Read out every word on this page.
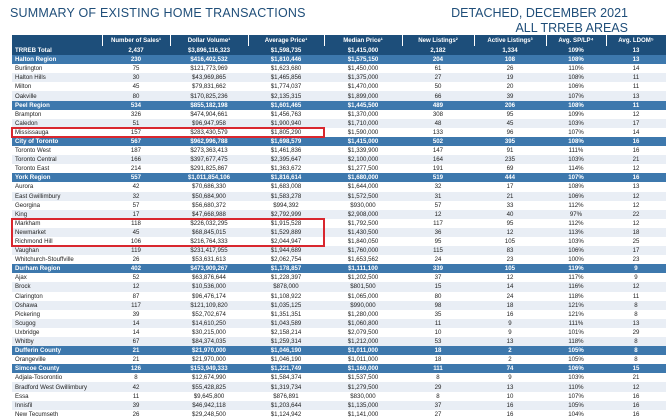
SUMMARY OF EXISTING HOME TRANSACTIONS	DETACHED, DECEMBER 2021
ALL TRREB AREAS
	Number of Sales¹	Dollar Volume¹	Average Price¹	Median Price¹	New Listings²	Active Listings³	Avg. SP/LP⁴	Avg. LDOM⁵
TRREB Total	2,437	$3,896,116,323	$1,598,735	$1,415,000	2,182	1,334	109%	13
Halton Region	230	$416,402,532	$1,810,446	$1,575,150	204	108	108%	13
Burlington	75	$121,773,969	$1,623,680	$1,450,000	61	26	110%	14
Halton Hills	30	$43,969,865	$1,465,856	$1,375,000	27	19	108%	11
Milton	45	$79,831,662	$1,774,037	$1,470,000	50	20	106%	11
Oakville	80	$170,825,236	$2,135,315	$1,899,000	66	39	107%	13
Peel Region	534	$855,182,198	$1,601,465	$1,445,500	489	206	108%	11
Brampton	326	$474,904,661	$1,456,763	$1,370,000	308	95	109%	12
Caledon	51	$96,947,958	$1,900,940	$1,710,000	48	45	103%	17
Mississauga	157	$283,430,579	$1,805,290	$1,590,000	133	96	107%	14
City of Toronto	567	$962,996,788	$1,698,579	$1,415,000	502	395	108%	16
Toronto West	187	$273,363,413	$1,461,836	$1,339,900	147	91	111%	16
Toronto Central	166	$397,677,475	$2,395,647	$2,100,000	164	235	103%	21
Toronto East	214	$291,825,867	$1,363,672	$1,277,500	191	69	114%	12
York Region	557	$1,011,854,106	$1,816,614	$1,680,000	519	444	107%	16
Aurora	42	$70,686,330	$1,683,008	$1,644,000	32	17	108%	13
East Gwillimbury	32	$50,684,900	$1,583,278	$1,572,500	31	21	106%	12
Georgina	57	$56,680,372	$994,392	$930,000	57	33	112%	12
King	17	$47,668,988	$2,792,999	$2,908,000	12	40	97%	22
Markham	118	$226,032,295	$1,915,528	$1,792,500	117	95	112%	12
Newmarket	45	$68,845,015	$1,529,889	$1,430,500	36	12	113%	18
Richmond Hill	106	$216,764,333	$2,044,947	$1,840,050	95	105	103%	25
Vaughan	119	$231,417,955	$1,944,689	$1,760,000	115	83	106%	17
Whitchurch-Stouffville	26	$53,631,613	$2,062,754	$1,653,562	24	23	100%	23
Durham Region	402	$473,909,267	$1,178,857	$1,111,100	339	105	119%	9
Ajax	52	$63,876,644	$1,228,397	$1,202,500	37	12	117%	9
Brock	12	$10,536,000	$878,000	$801,500	15	14	116%	12
Clarington	87	$96,476,174	$1,108,922	$1,065,000	80	24	118%	11
Oshawa	117	$121,109,820	$1,035,125	$990,000	98	18	121%	8
Pickering	39	$52,702,674	$1,351,351	$1,280,000	35	16	121%	8
Scugog	14	$14,610,250	$1,043,589	$1,060,800	11	9	111%	13
Uxbridge	14	$30,215,000	$2,158,214	$2,079,500	10	9	101%	29
Whitby	67	$84,374,035	$1,259,314	$1,212,000	53	13	118%	8
Dufferin County	21	$21,970,000	$1,046,190	$1,011,000	18	2	105%	8
Orangeville	21	$21,970,000	$1,046,190	$1,011,000	18	2	105%	8
Simcoe County	126	$153,949,333	$1,221,749	$1,160,000	111	74	106%	15
Adjala-Tosorontio	8	$12,674,990	$1,584,374	$1,537,500	8	9	103%	21
Bradford West Gwillimbury	42	$55,428,825	$1,319,734	$1,279,500	29	13	110%	12
Essa	11	$9,645,800	$876,891	$830,000	8	10	107%	16
Innisfil	39	$46,942,118	$1,203,644	$1,135,000	37	16	105%	16
New Tecumseth	26	$29,248,500	$1,124,942	$1,141,000	27	16	104%	16
